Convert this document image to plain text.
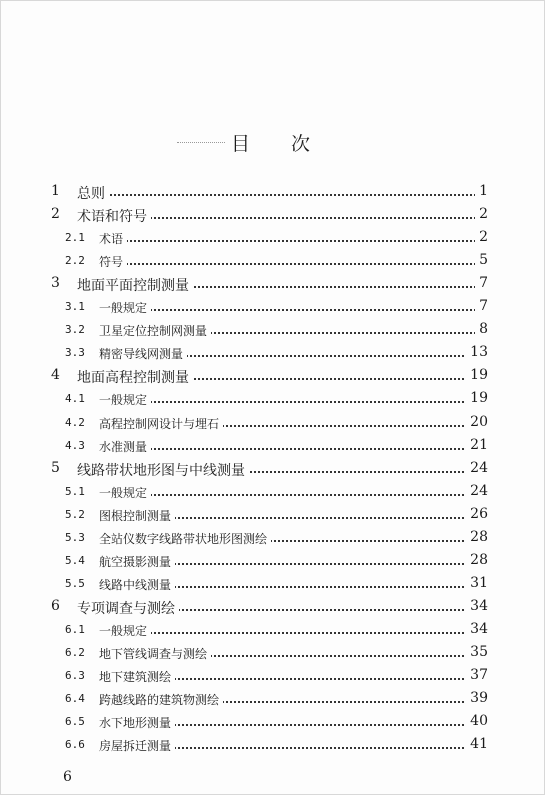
目 次
1 总则	1
2 术语和符号	2
2.1 术语	2
2.2 符号	5
3 地面平面控制测量	7
3.1 一般规定	7
3.2 卫星定位控制网测量	8
3.3 精密导线网测量	13
4 地面高程控制测量	19
4.1 一般规定	19
4.2 高程控制网设计与埋石	20
4.3 水准测量	21
5 线路带状地形图与中线测量	24
5.1 一般规定	24
5.2 图根控制测量	26
5.3 全站仪数字线路带状地形图测绘	28
5.4 航空摄影测量	28
5.5 线路中线测量	31
6 专项调查与测绘	34
6.1 一般规定	34
6.2 地下管线调查与测绘	35
6.3 地下建筑测绘	37
6.4 跨越线路的建筑物测绘	39
6.5 水下地形测量	40
6.6 房屋拆迁测量	41
6
